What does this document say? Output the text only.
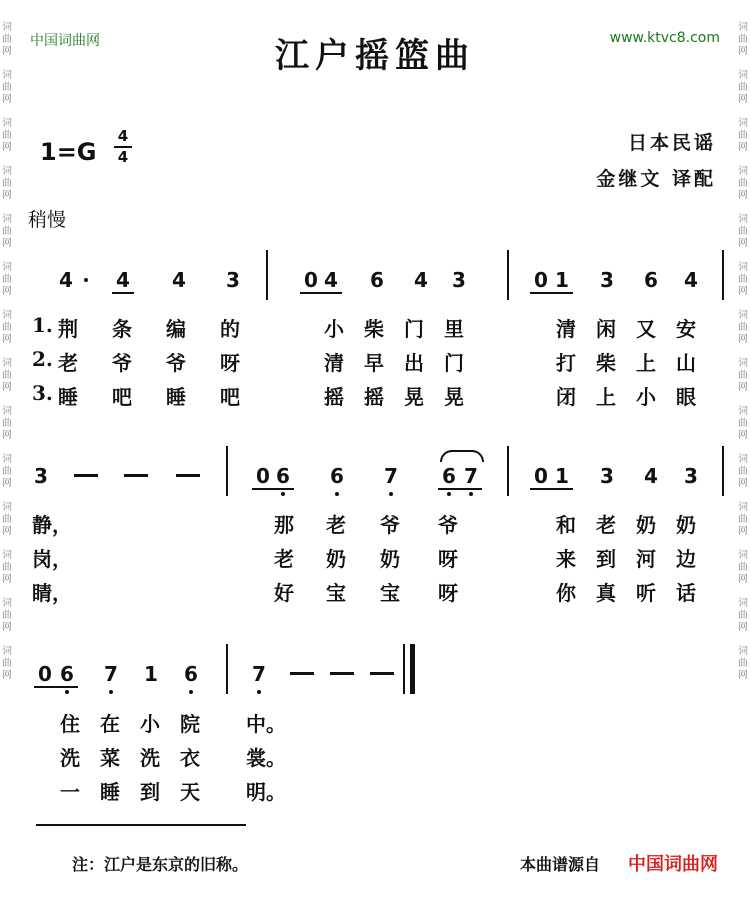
中国词曲网	www.ktvc8.com
江户摇篮曲
日本民谣
金继文 译配
1=G
4
4
稍慢
词
曲
网
词
曲
网
词
曲
网
词
曲
网
词
曲
网
词
曲
网
词
曲
网
词
曲
网
词
曲
网
词
曲
网
词
曲
网
词
曲
网
词
曲
网
词
曲
网
词
曲
网
词
曲
网
词
曲
网
词
曲
网
词
曲
网
词
曲
网
词
曲
网
词
曲
网
词
曲
网
词
曲
网
词
曲
网
词
曲
网
词
曲
网
词
曲
网
4 4 4 3	0 4 6 4 3	0 1 3 6 4
1. 荆 条 编 的	小 柴 门 里	清 闲 又 安
2. 老 爷 爷 呀	清 早 出 门	打 柴 上 山
3. 睡 吧 睡 吧	摇 摇 晃 晃	闭 上 小 眼
3	0 6 6 7 6 7	0 1 3 4 3
静，	那 老 爷 爷	和 老 奶 奶
岗，	老 奶 奶 呀	来 到 河 边
睛，	好 宝 宝 呀	你 真 听 话
0 6 7 1 6	7
住 在 小 院 中。
洗 菜 洗 衣 裳。
一 睡 到 天 明。
注：江户是东京的旧称。	本曲谱源自 中国词曲网
